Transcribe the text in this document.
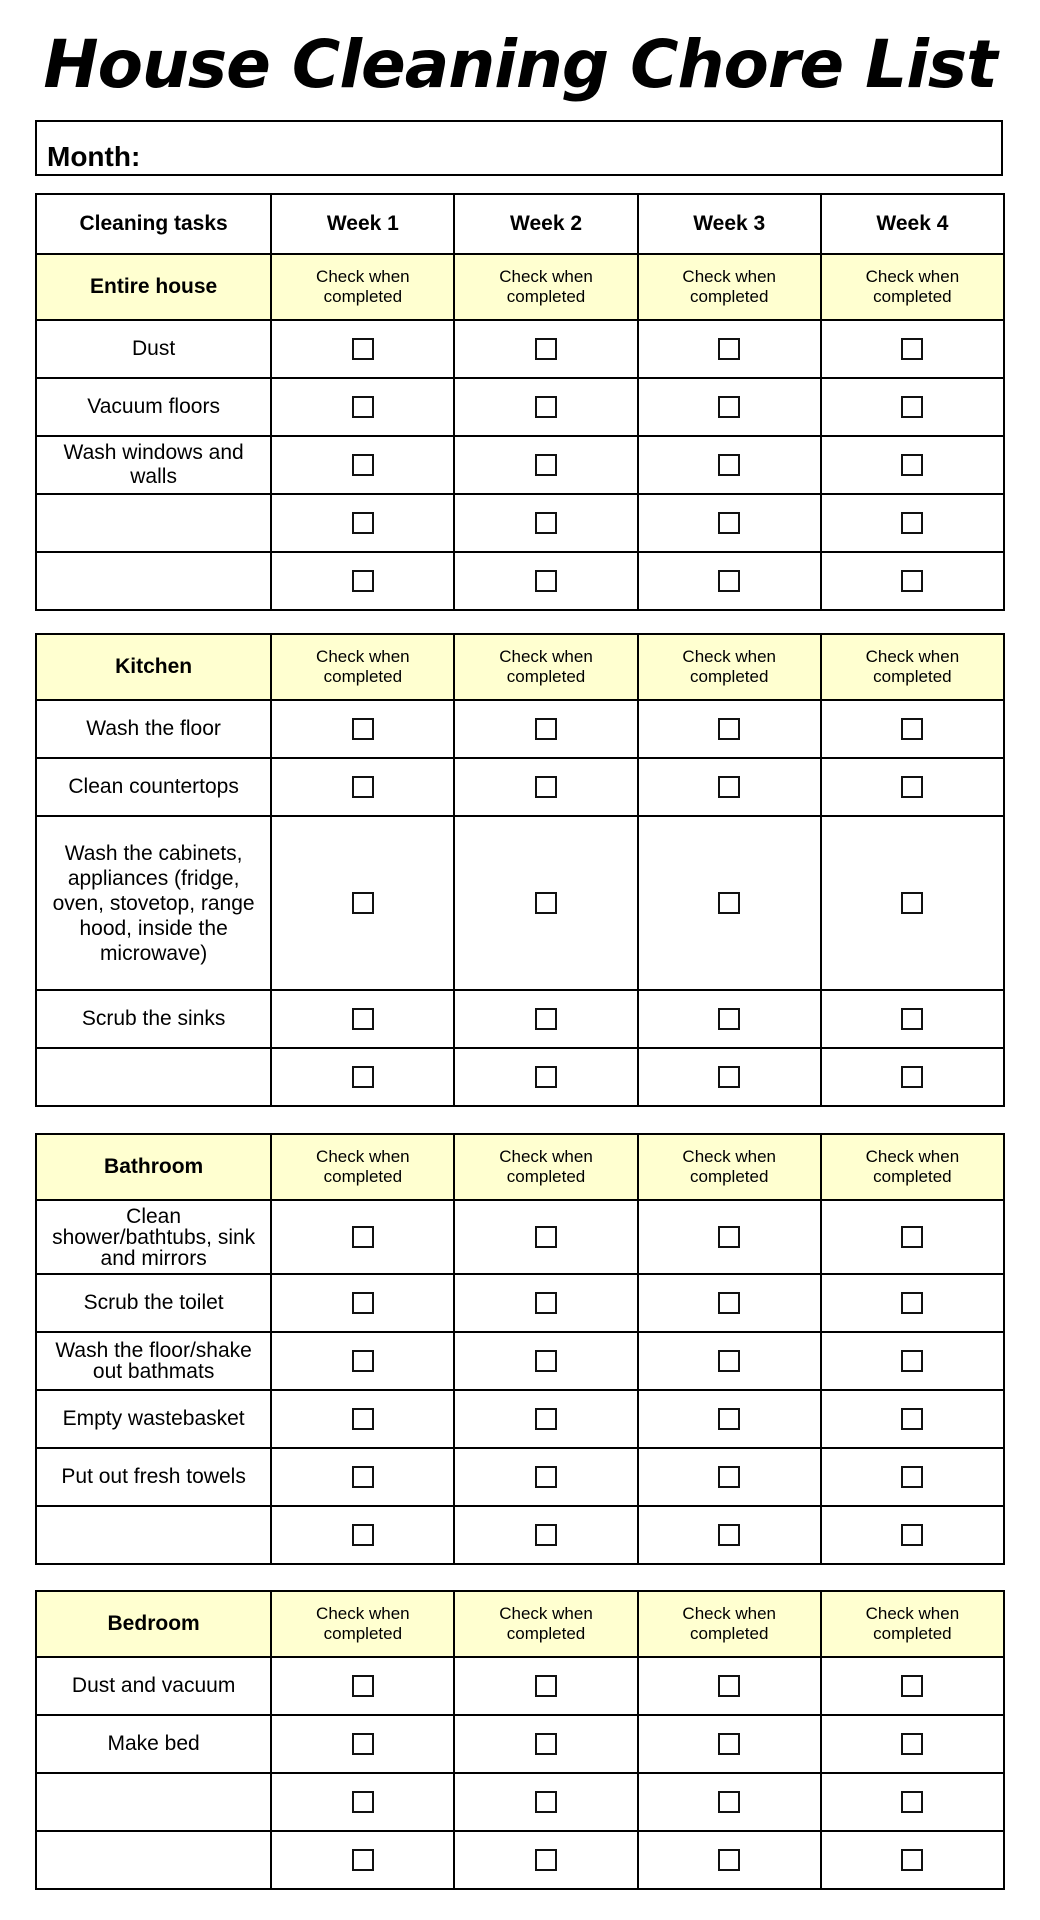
House Cleaning Chore List
Month:
Cleaning tasks	Week 1	Week 2	Week 3	Week 4
Entire house	Check when completed	Check when completed	Check when completed	Check when completed
Dust				
Vacuum floors				
Wash windows and walls				

Kitchen	Check when completed	Check when completed	Check when completed	Check when completed
Wash the floor				
Clean countertops				
Wash the cabinets, appliances (fridge, oven, stovetop, range hood, inside the microwave)				
Scrub the sinks				

Bathroom	Check when completed	Check when completed	Check when completed	Check when completed
Clean shower/bathtubs, sink and mirrors				
Scrub the toilet				
Wash the floor/shake out bathmats				
Empty wastebasket				
Put out fresh towels				

Bedroom	Check when completed	Check when completed	Check when completed	Check when completed
Dust and vacuum				
Make bed				
